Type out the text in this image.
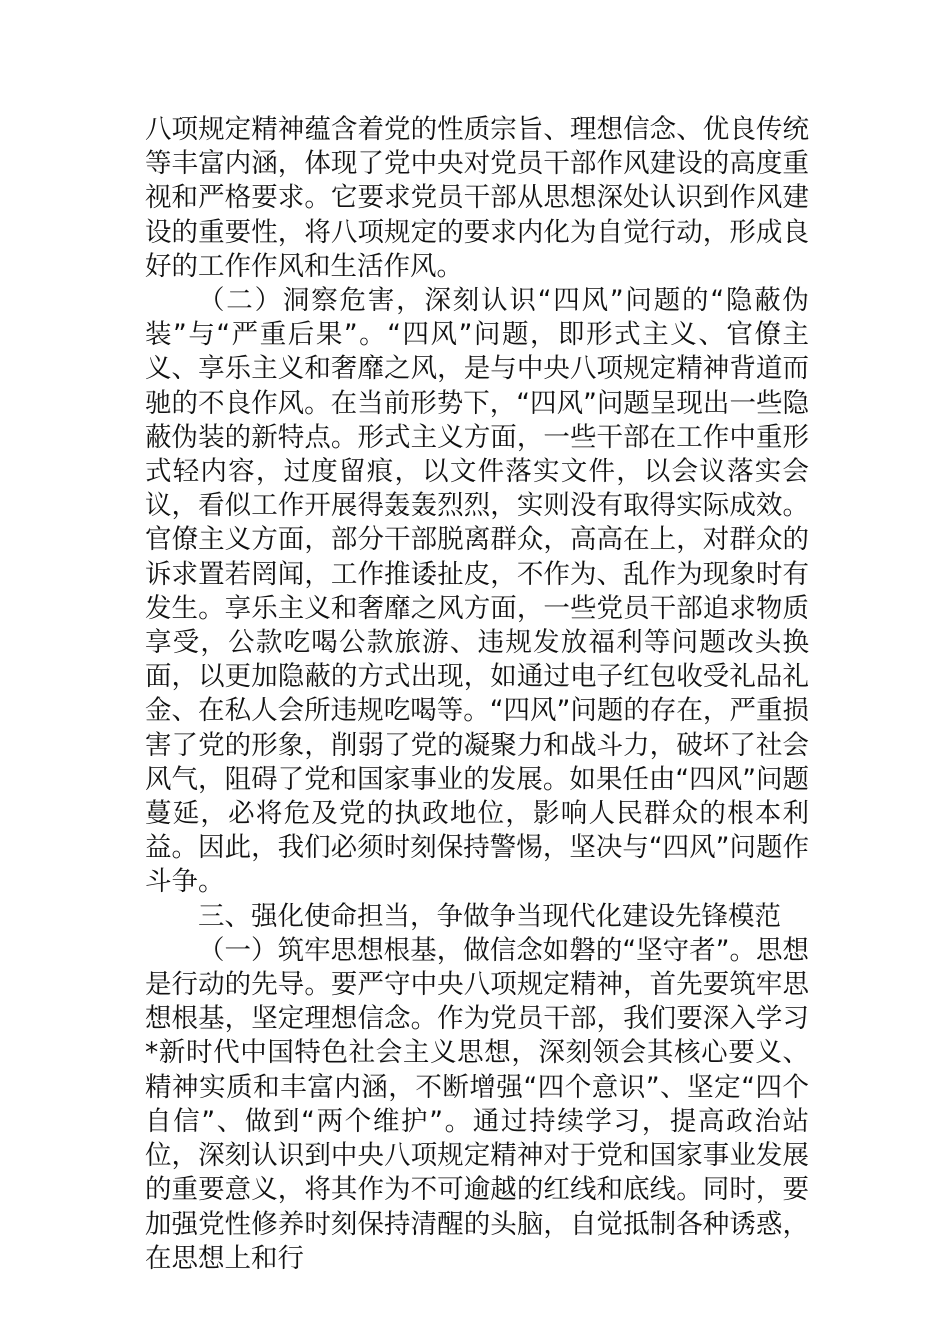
八项规定精神蕴含着党的性质宗旨、理想信念、优良传统等丰富内涵，体现了党中央对党员干部作风建设的高度重视和严格要求。它要求党员干部从思想深处认识到作风建设的重要性，将八项规定的要求内化为自觉行动，形成良好的工作作风和生活作风。

（二）洞察危害，深刻认识“四风”问题的“隐蔽伪装”与“严重后果”。“四风”问题，即形式主义、官僚主义、享乐主义和奢靡之风，是与中央八项规定精神背道而驰的不良作风。在当前形势下，“四风”问题呈现出一些隐蔽伪装的新特点。形式主义方面，一些干部在工作中重形式轻内容，过度留痕，以文件落实文件，以会议落实会议，看似工作开展得轰轰烈烈，实则没有取得实际成效。官僚主义方面，部分干部脱离群众，高高在上，对群众的诉求置若罔闻，工作推诿扯皮，不作为、乱作为现象时有发生。享乐主义和奢靡之风方面，一些党员干部追求物质享受，公款吃喝公款旅游、违规发放福利等问题改头换面，以更加隐蔽的方式出现，如通过电子红包收受礼品礼金、在私人会所违规吃喝等。“四风”问题的存在，严重损害了党的形象，削弱了党的凝聚力和战斗力，破坏了社会风气，阻碍了党和国家事业的发展。如果任由“四风”问题蔓延，必将危及党的执政地位，影响人民群众的根本利益。因此，我们必须时刻保持警惕，坚决与“四风”问题作斗争。

三、强化使命担当，争做争当现代化建设先锋模范

（一）筑牢思想根基，做信念如磐的“坚守者”。思想是行动的先导。要严守中央八项规定精神，首先要筑牢思想根基，坚定理想信念。作为党员干部，我们要深入学习*新时代中国特色社会主义思想，深刻领会其核心要义、精神实质和丰富内涵，不断增强“四个意识”、坚定“四个自信”、做到“两个维护”。通过持续学习，提高政治站位，深刻认识到中央八项规定精神对于党和国家事业发展的重要意义，将其作为不可逾越的红线和底线。同时，要加强党性修养时刻保持清醒的头脑，自觉抵制各种诱惑，在思想上和行
